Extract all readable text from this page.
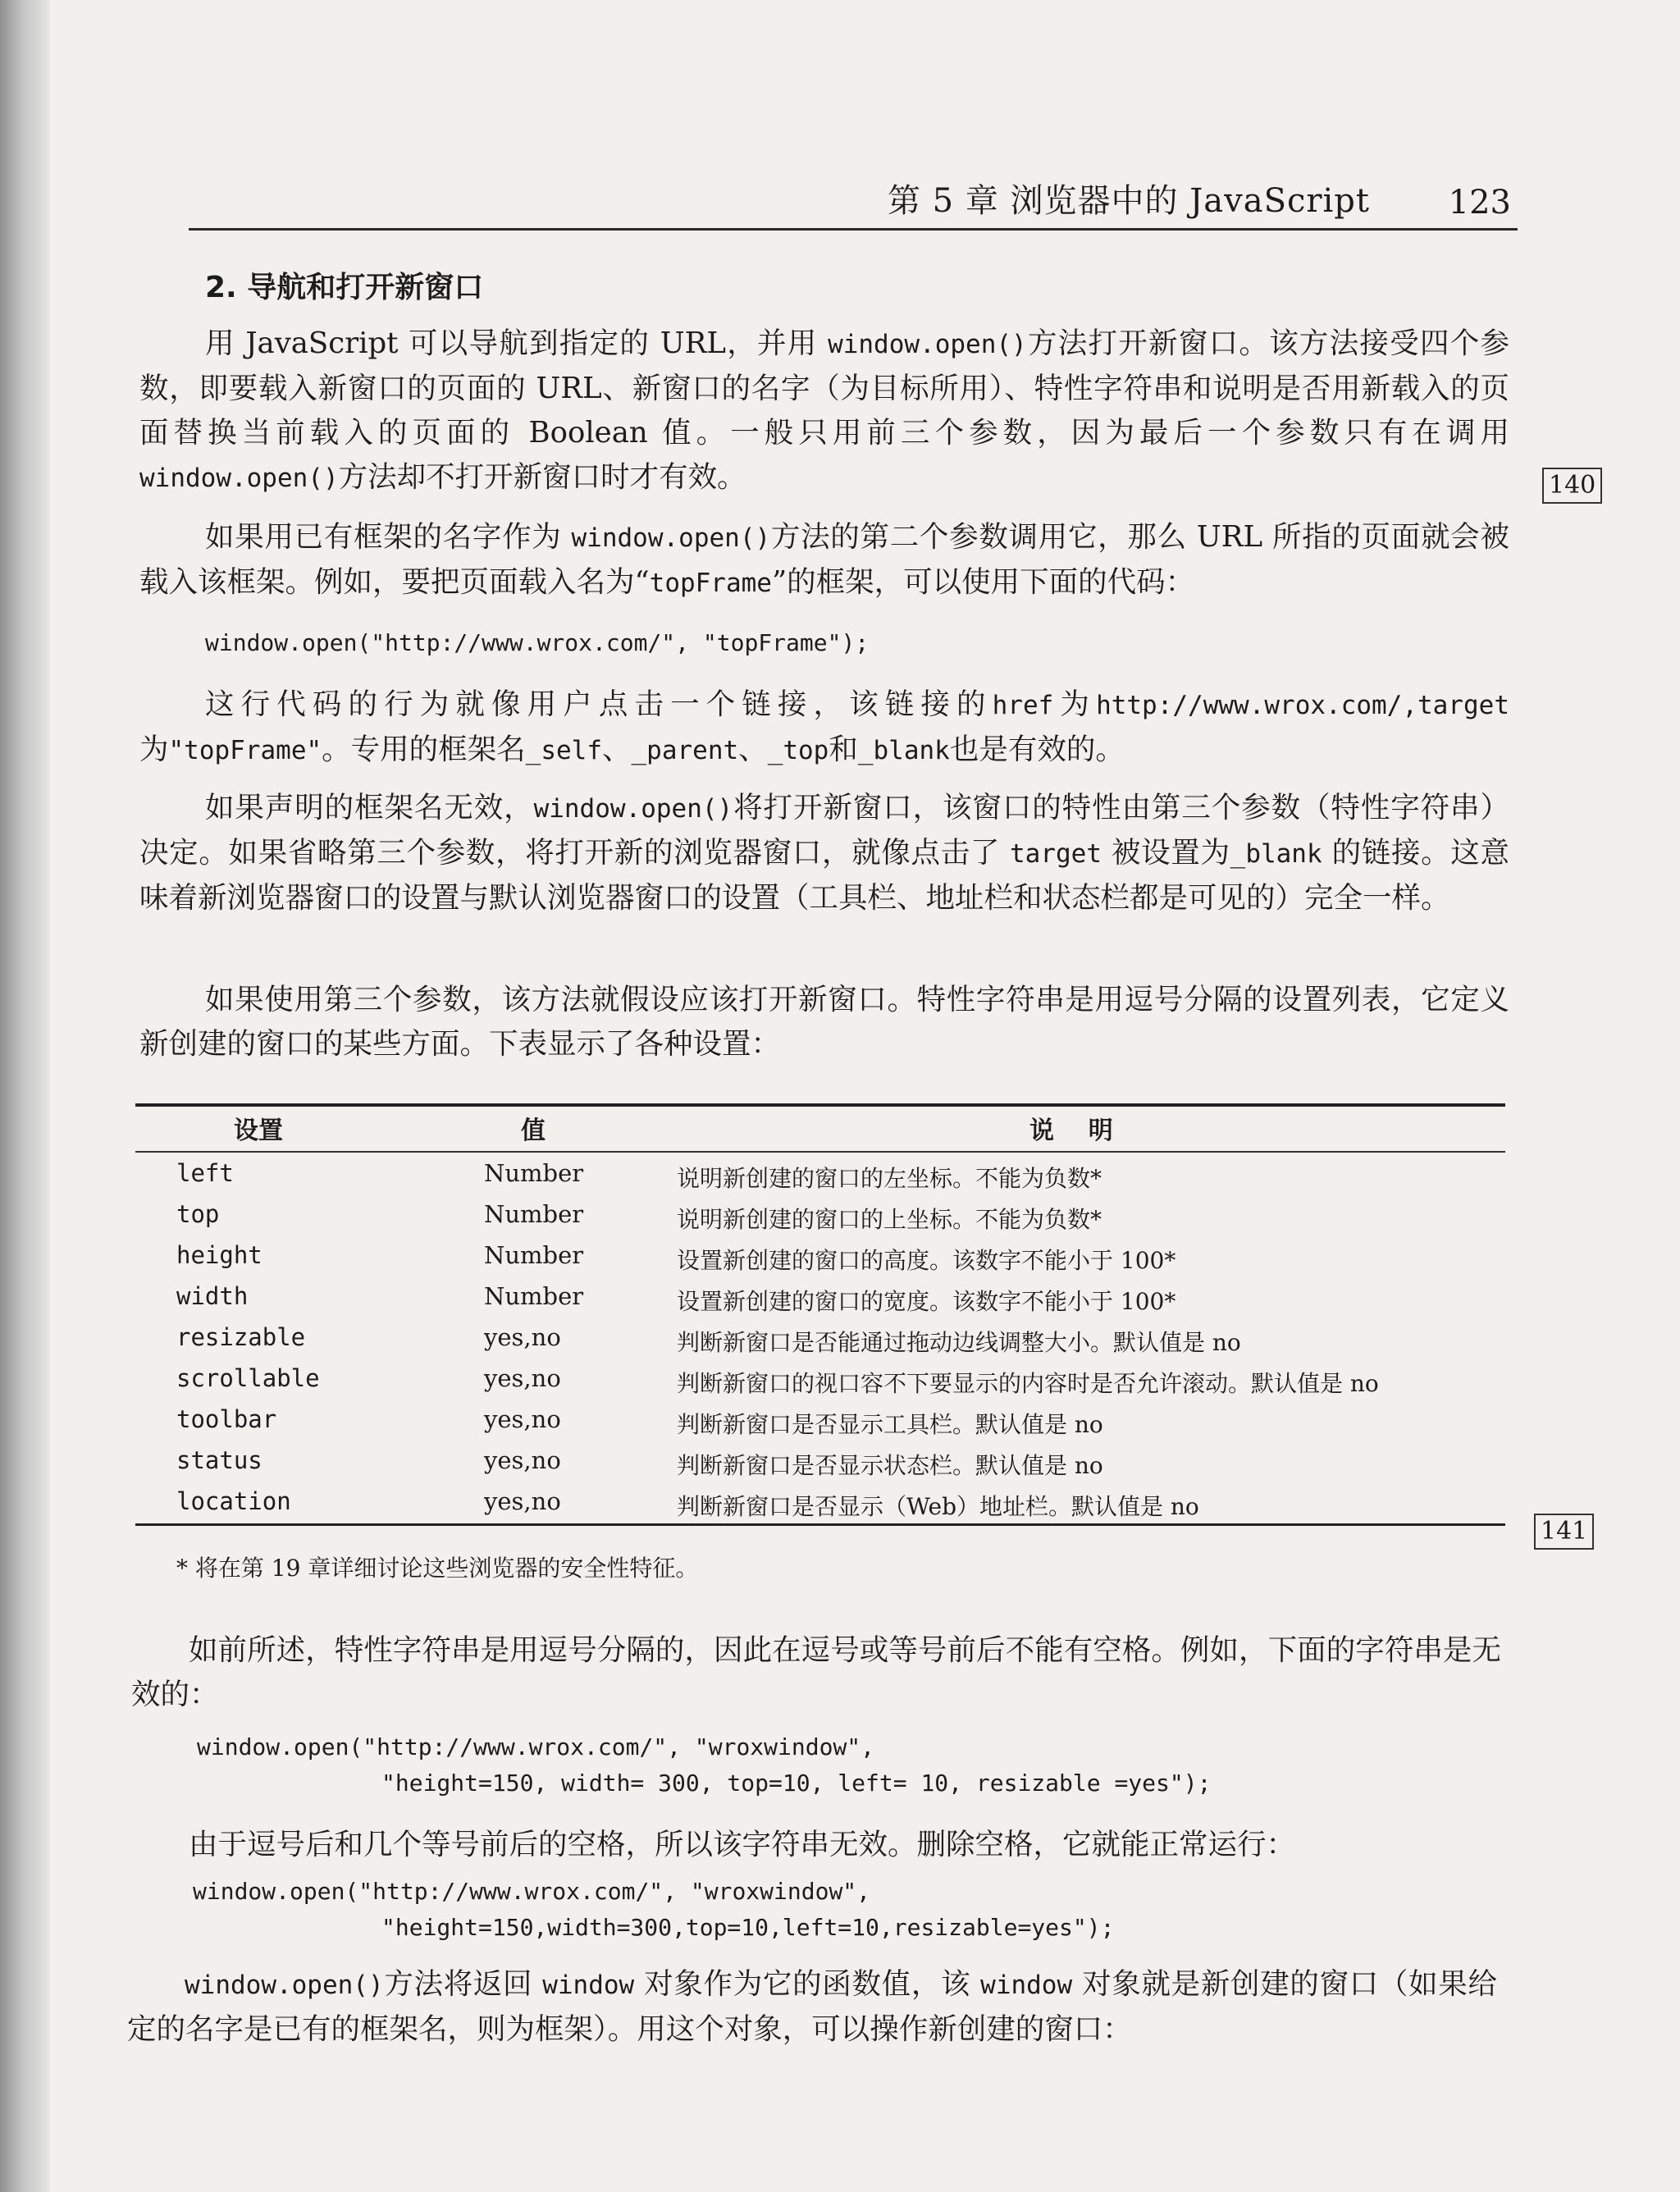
第 5 章 浏览器中的 JavaScript 123
2. 导航和打开新窗口

用 JavaScript 可以导航到指定的 URL，并用 window.open()方法打开新窗口。该方法接受四个参数，即要载入新窗口的页面的 URL、新窗口的名字（为目标所用）、特性字符串和说明是否用新载入的页面替换当前载入的页面的 Boolean 值。一般只用前三个参数，因为最后一个参数只有在调用 window.open()方法却不打开新窗口时才有效。	140

如果用已有框架的名字作为 window.open()方法的第二个参数调用它，那么 URL 所指的页面就会被载入该框架。例如，要把页面载入名为“topFrame”的框架，可以使用下面的代码：

window.open("http://www.wrox.com/", "topFrame");

这行代码的行为就像用户点击一个链接，该链接的href为http://www.wrox.com/,target为"topFrame"。专用的框架名_self、_parent、_top和_blank也是有效的。

如果声明的框架名无效，window.open()将打开新窗口，该窗口的特性由第三个参数（特性字符串）决定。如果省略第三个参数，将打开新的浏览器窗口，就像点击了 target 被设置为_blank 的链接。这意味着新浏览器窗口的设置与默认浏览器窗口的设置（工具栏、地址栏和状态栏都是可见的）完全一样。

如果使用第三个参数，该方法就假设应该打开新窗口。特性字符串是用逗号分隔的设置列表，它定义新创建的窗口的某些方面。下表显示了各种设置：

设置	值	说    明
left	Number	说明新创建的窗口的左坐标。不能为负数*
top	Number	说明新创建的窗口的上坐标。不能为负数*
height	Number	设置新创建的窗口的高度。该数字不能小于 100*
width	Number	设置新创建的窗口的宽度。该数字不能小于 100*
resizable	yes,no	判断新窗口是否能通过拖动边线调整大小。默认值是 no
scrollable	yes,no	判断新窗口的视口容不下要显示的内容时是否允许滚动。默认值是 no
toolbar	yes,no	判断新窗口是否显示工具栏。默认值是 no
status	yes,no	判断新窗口是否显示状态栏。默认值是 no
location	yes,no	判断新窗口是否显示（Web）地址栏。默认值是 no
141
* 将在第 19 章详细讨论这些浏览器的安全性特征。

如前所述，特性字符串是用逗号分隔的，因此在逗号或等号前后不能有空格。例如，下面的字符串是无效的：

window.open("http://www.wrox.com/", "wroxwindow",
"height=150, width= 300, top=10, left= 10, resizable =yes");

由于逗号后和几个等号前后的空格，所以该字符串无效。删除空格，它就能正常运行：

window.open("http://www.wrox.com/", "wroxwindow",
"height=150,width=300,top=10,left=10,resizable=yes");

window.open()方法将返回 window 对象作为它的函数值，该 window 对象就是新创建的窗口（如果给定的名字是已有的框架名，则为框架）。用这个对象，可以操作新创建的窗口：
